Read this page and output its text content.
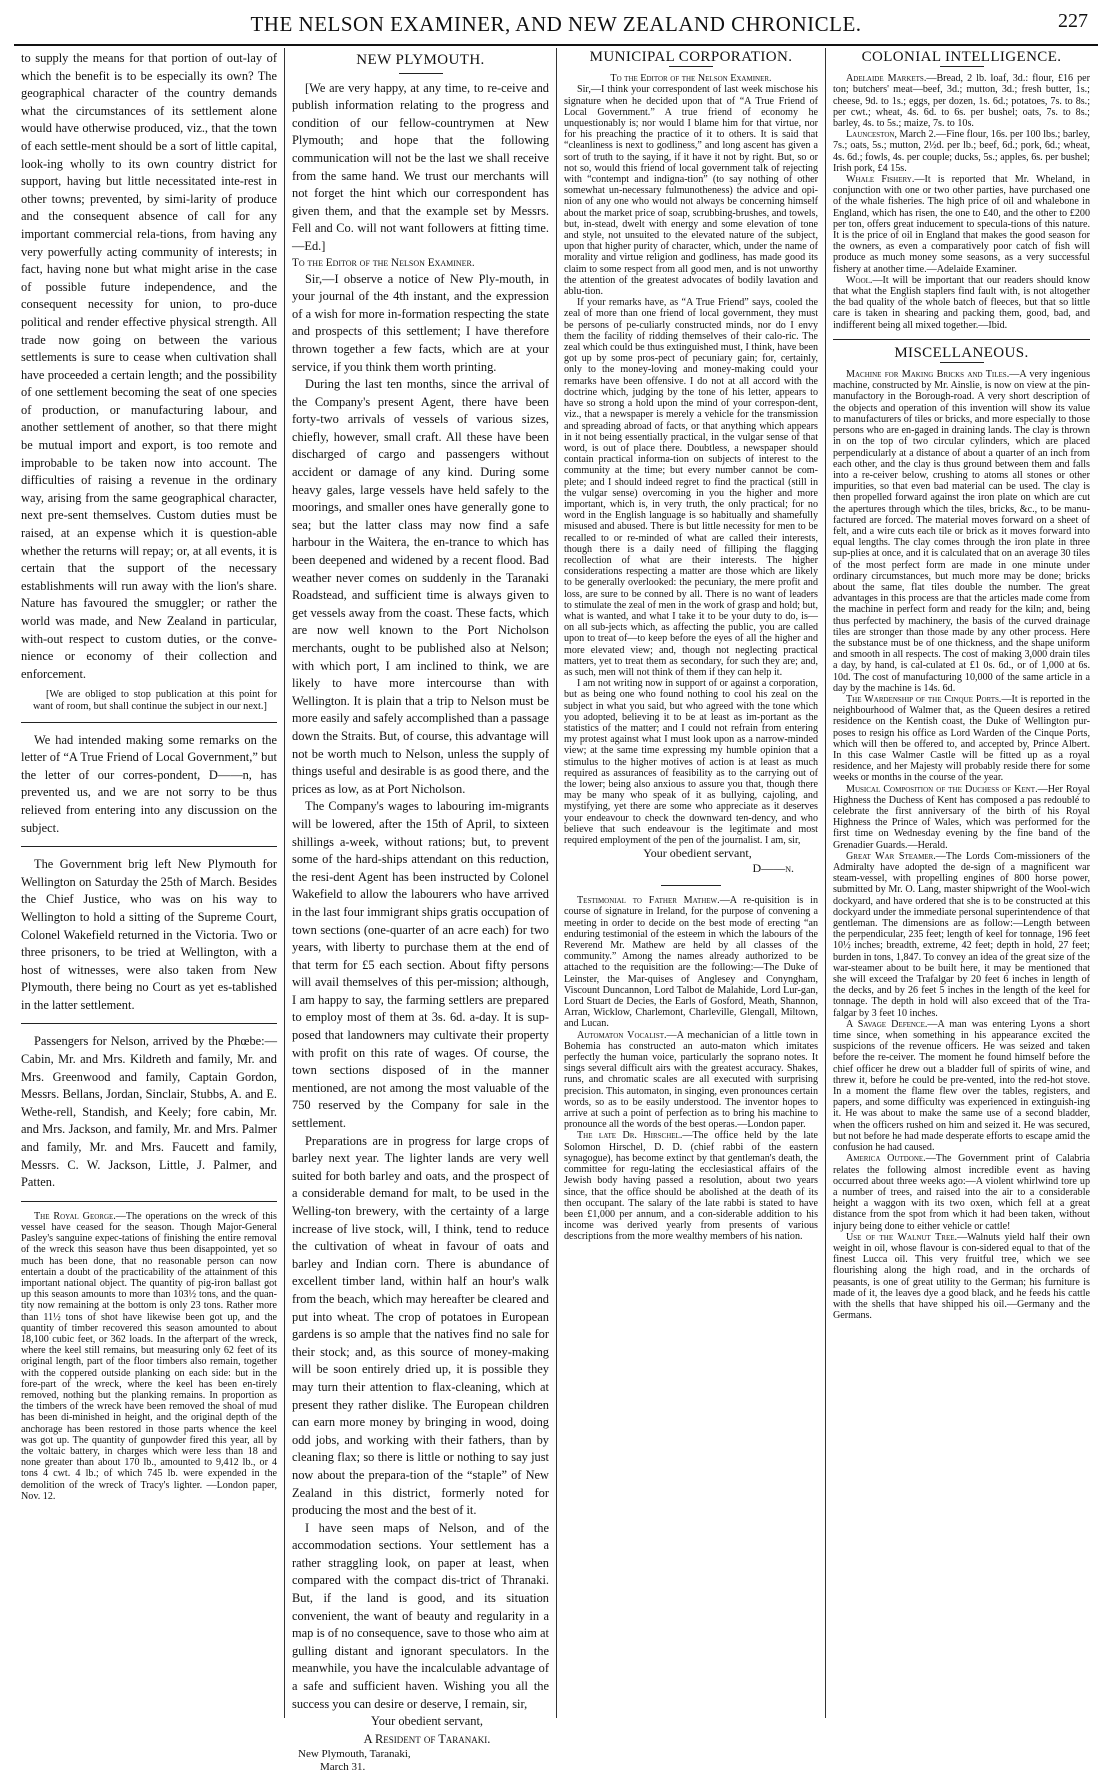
THE NELSON EXAMINER, AND NEW ZEALAND CHRONICLE.	227

to supply the means for that portion of out-lay of which the benefit is to be especially its own? The geographical character of the country demands what the circumstances of its settlement alone would have otherwise produced, viz., that the town of each settle-ment should be a sort of little capital, look-ing wholly to its own country district for support, having but little necessitated inte-rest in other towns; prevented, by simi-larity of produce and the consequent absence of call for any important commercial rela-tions, from having any very powerfully acting community of interests; in fact, having none but what might arise in the case of possible future independence, and the consequent necessity for union, to pro-duce political and render effective physical strength. All trade now going on between the various settlements is sure to cease when cultivation shall have proceeded a certain length; and the possibility of one settlement becoming the seat of one species of production, or manufacturing labour, and another settlement of another, so that there might be mutual import and export, is too remote and improbable to be taken now into account. The difficulties of raising a revenue in the ordinary way, arising from the same geographical character, next pre-sent themselves. Custom duties must be raised, at an expense which it is question-able whether the returns will repay; or, at all events, it is certain that the support of the necessary establishments will run away with the lion's share. Nature has favoured the smuggler; or rather the world was made, and New Zealand in particular, with-out respect to custom duties, or the conve-nience or economy of their collection and enforcement.

[We are obliged to stop publication at this point for want of room, but shall continue the subject in our next.]

We had intended making some remarks on the letter of “A True Friend of Local Government,” but the letter of our corres-pondent, D——n, has prevented us, and we are not sorry to be thus relieved from entering into any discussion on the subject.

The Government brig left New Plymouth for Wellington on Saturday the 25th of March. Besides the Chief Justice, who was on his way to Wellington to hold a sitting of the Supreme Court, Colonel Wakefield returned in the Victoria. Two or three prisoners, to be tried at Wellington, with a host of witnesses, were also taken from New Plymouth, there being no Court as yet es-tablished in the latter settlement.

Passengers for Nelson, arrived by the Phœbe:—Cabin, Mr. and Mrs. Kildreth and family, Mr. and Mrs. Greenwood and family, Captain Gordon, Messrs. Bellans, Jordan, Sinclair, Stubbs, A. and E. Wethe-rell, Standish, and Keely; fore cabin, Mr. and Mrs. Jackson, and family, Mr. and Mrs. Palmer and family, Mr. and Mrs. Faucett and family, Messrs. C. W. Jackson, Little, J. Palmer, and Patten.

The Royal George.—The operations on the wreck of this vessel have ceased for the season. Though Major-General Pasley's sanguine expec-tations of finishing the entire removal of the wreck this season have thus been disappointed, yet so much has been done, that no reasonable person can now entertain a doubt of the practicability of the attainment of this important national object. The quantity of pig-iron ballast got up this season amounts to more than 103½ tons, and the quan-tity now remaining at the bottom is only 23 tons. Rather more than 11½ tons of shot have likewise been got up, and the quantity of timber recovered this season amounted to about 18,100 cubic feet, or 362 loads. In the afterpart of the wreck, where the keel still remains, but measuring only 62 feet of its original length, part of the floor timbers also remain, together with the coppered outside planking on each side: but in the fore-part of the wreck, where the keel has been en-tirely removed, nothing but the planking remains. In proportion as the timbers of the wreck have been removed the shoal of mud has been di-minished in height, and the original depth of the anchorage has been restored in those parts whence the keel was got up. The quantity of gunpowder fired this year, all by the voltaic battery, in charges which were less than 18 and none greater than about 170 lb., amounted to 9,412 lb., or 4 tons 4 cwt. 4 lb.; of which 745 lb. were expended in the demolition of the wreck of Tracy's lighter. —London paper, Nov. 12.

NEW PLYMOUTH.

[We are very happy, at any time, to re-ceive and publish information relating to the progress and condition of our fellow-countrymen at New Plymouth; and hope that the following communication will not be the last we shall receive from the same hand. We trust our merchants will not forget the hint which our correspondent has given them, and that the example set by Messrs. Fell and Co. will not want followers at fitting time.—Ed.]

To the Editor of the Nelson Examiner.

Sir,—I observe a notice of New Ply-mouth, in your journal of the 4th instant, and the expression of a wish for more in-formation respecting the state and prospects of this settlement; I have therefore thrown together a few facts, which are at your service, if you think them worth printing.

During the last ten months, since the arrival of the Company's present Agent, there have been forty-two arrivals of vessels of various sizes, chiefly, however, small craft. All these have been discharged of cargo and passengers without accident or damage of any kind. During some heavy gales, large vessels have held safely to the moorings, and smaller ones have generally gone to sea; but the latter class may now find a safe harbour in the Waitera, the en-trance to which has been deepened and widened by a recent flood. Bad weather never comes on suddenly in the Taranaki Roadstead, and sufficient time is always given to get vessels away from the coast. These facts, which are now well known to the Port Nicholson merchants, ought to be published also at Nelson; with which port, I am inclined to think, we are likely to have more intercourse than with Wellington. It is plain that a trip to Nelson must be more easily and safely accomplished than a passage down the Straits. But, of course, this advantage will not be worth much to Nelson, unless the supply of things useful and desirable is as good there, and the prices as low, as at Port Nicholson.

The Company's wages to labouring im-migrants will be lowered, after the 15th of April, to sixteen shillings a-week, without rations; but, to prevent some of the hard-ships attendant on this reduction, the resi-dent Agent has been instructed by Colonel Wakefield to allow the labourers who have arrived in the last four immigrant ships gratis occupation of town sections (one-quarter of an acre each) for two years, with liberty to purchase them at the end of that term for £5 each section. About fifty persons will avail themselves of this per-mission; although, I am happy to say, the farming settlers are prepared to employ most of them at 3s. 6d. a-day. It is sup-posed that landowners may cultivate their property with profit on this rate of wages. Of course, the town sections disposed of in the manner mentioned, are not among the most valuable of the 750 reserved by the Company for sale in the settlement.

Preparations are in progress for large crops of barley next year. The lighter lands are very well suited for both barley and oats, and the prospect of a considerable demand for malt, to be used in the Welling-ton brewery, with the certainty of a large increase of live stock, will, I think, tend to reduce the cultivation of wheat in favour of oats and barley and Indian corn. There is abundance of excellent timber land, within half an hour's walk from the beach, which may hereafter be cleared and put into wheat. The crop of potatoes in European gardens is so ample that the natives find no sale for their stock; and, as this source of money-making will be soon entirely dried up, it is possible they may turn their attention to flax-cleaning, which at present they rather dislike. The European children can earn more money by bringing in wood, doing odd jobs, and working with their fathers, than by cleaning flax; so there is little or nothing to say just now about the prepara-tion of the “staple” of New Zealand in this district, formerly noted for producing the most and the best of it.

I have seen maps of Nelson, and of the accommodation sections. Your settlement has a rather straggling look, on paper at least, when compared with the compact dis-trict of Thranaki. But, if the land is good, and its situation convenient, the want of beauty and regularity in a map is of no consequence, save to those who aim at gulling distant and ignorant speculators. In the meanwhile, you have the incalculable advantage of a safe and sufficient haven. Wishing you all the success you can desire or deserve, I remain, sir,

Your obedient servant,

A Resident of Taranaki.

New Plymouth, Taranaki,

March 31.

MUNICIPAL CORPORATION.

To the Editor of the Nelson Examiner.

Sir,—I think your correspondent of last week mischose his signature when he decided upon that of “A True Friend of Local Government.” A true friend of economy he unquestionably is; nor would I blame him for that virtue, nor for his preaching the practice of it to others. It is said that “cleanliness is next to godliness,” and long ascent has given a sort of truth to the saying, if it have it not by right. But, so or not so, would this friend of local government talk of rejecting with “contempt and indigna-tion” (to say nothing of other somewhat un-necessary fulmunotheness) the advice and opi-nion of any one who would not always be concerning himself about the market price of soap, scrubbing-brushes, and towels, but, in-stead, dwelt with energy and some elevation of tone and style, not unsuited to the elevated nature of the subject, upon that higher purity of character, which, under the name of morality and virtue religion and godliness, has made good its claim to some respect from all good men, and is not unworthy the attention of the greatest advocates of bodily lavation and ablu-tion.

If your remarks have, as “A True Friend” says, cooled the zeal of more than one friend of local government, they must be persons of pe-culiarly constructed minds, nor do I envy them the facility of ridding themselves of their calo-ric. The zeal which could be thus extinguished must, I think, have been got up by some pros-pect of pecuniary gain; for, certainly, only to the money-loving and money-making could your remarks have been offensive. I do not at all accord with the doctrine which, judging by the tone of his letter, appears to have so strong a hold upon the mind of your correspon-dent, viz., that a newspaper is merely a vehicle for the transmission and spreading abroad of facts, or that anything which appears in it not being essentially practical, in the vulgar sense of that word, is out of place there. Doubtless, a newspaper should contain practical informa-tion on subjects of interest to the community at the time; but every number cannot be com-plete; and I should indeed regret to find the practical (still in the vulgar sense) overcoming in you the higher and more important, which is, in very truth, the only practical; for no word in the English language is so habitually and shamefully misused and abused. There is but little necessity for men to be recalled to or re-minded of what are called their interests, though there is a daily need of filliping the flagging recollection of what are their interests. The higher considerations respecting a matter are those which are likely to be generally overlooked: the pecuniary, the mere profit and loss, are sure to be conned by all. There is no want of leaders to stimulate the zeal of men in the work of grasp and hold; but, what is wanted, and what I take it to be your duty to do, is—on all sub-jects which, as affecting the public, you are called upon to treat of—to keep before the eyes of all the higher and more elevated view; and, though not neglecting practical matters, yet to treat them as secondary, for such they are; and, as such, men will not think of them if they can help it.

I am not writing now in support of or against a corporation, but as being one who found nothing to cool his zeal on the subject in what you said, but who agreed with the tone which you adopted, believing it to be at least as im-portant as the statistics of the matter; and I could not refrain from entering my protest against what I must look upon as a narrow-minded view; at the same time expressing my humble opinion that a stimulus to the higher motives of action is at least as much required as assurances of feasibility as to the carrying out of the lower; being also anxious to assure you that, though there may be many who speak of it as bullying, cajoling, and mystifying, yet there are some who appreciate as it deserves your endeavour to check the downward ten-dency, and who believe that such endeavour is the legitimate and most required employment of the pen of the journalist. I am, sir,

Your obedient servant,

D——n.

Testimonial to Father Mathew.—A re-quisition is in course of signature in Ireland, for the purpose of convening a meeting in order to decide on the best mode of erecting “an enduring testimonial of the esteem in which the labours of the Reverend Mr. Mathew are held by all classes of the community.” Among the names already authorized to be attached to the requisition are the following:—The Duke of Leinster, the Mar-quises of Anglesey and Conyngham, Viscount Duncannon, Lord Talbot de Malahide, Lord Lur-gan, Lord Stuart de Decies, the Earls of Gosford, Meath, Shannon, Arran, Wicklow, Charlemont, Charleville, Glengall, Miltown, and Lucan.

Automaton Vocalist.—A mechanician of a little town in Bohemia has constructed an auto-maton which imitates perfectly the human voice, particularly the soprano notes. It sings several difficult airs with the greatest accuracy. Shakes, runs, and chromatic scales are all executed with surprising precision. This automaton, in singing, even pronounces certain words, so as to be easily understood. The inventor hopes to arrive at such a point of perfection as to bring his machine to pronounce all the words of the best operas.—London paper.

The late Dr. Hirschel.—The office held by the late Solomon Hirschel, D. D. (chief rabbi of the eastern synagogue), has become extinct by that gentleman's death, the committee for regu-lating the ecclesiastical affairs of the Jewish body having passed a resolution, about two years since, that the office should be abolished at the death of its then occupant. The salary of the late rabbi is stated to have been £1,000 per annum, and a con-siderable addition to his income was derived yearly from presents of various descriptions from the more wealthy members of his nation.

COLONIAL INTELLIGENCE.

Adelaide Markets.—Bread, 2 lb. loaf, 3d.: flour, £16 per ton; butchers' meat—beef, 3d.; mutton, 3d.; fresh butter, 1s.; cheese, 9d. to 1s.; eggs, per dozen, 1s. 6d.; potatoes, 7s. to 8s.; per cwt.; wheat, 4s. 6d. to 6s. per bushel; oats, 7s. to 8s.; barley, 4s. to 5s.; maize, 7s. to 10s.

Launceston, March 2.—Fine flour, 16s. per 100 lbs.; barley, 7s.; oats, 5s.; mutton, 2½d. per lb.; beef, 6d.; pork, 6d.; wheat, 4s. 6d.; fowls, 4s. per couple; ducks, 5s.; apples, 6s. per bushel; Irish pork, £4 15s.

Whale Fishery.—It is reported that Mr. Wheland, in conjunction with one or two other parties, have purchased one of the whale fisheries. The high price of oil and whalebone in England, which has risen, the one to £40, and the other to £200 per ton, offers great inducement to specula-tions of this nature. It is the price of oil in England that makes the good season for the owners, as even a comparatively poor catch of fish will produce as much money some seasons, as a very successful fishery at another time.—Adelaide Examiner.

Wool.—It will be important that our readers should know that what the English staplers find fault with, is not altogether the bad quality of the whole batch of fleeces, but that so little care is taken in shearing and packing them, good, bad, and indifferent being all mixed together.—Ibid.

MISCELLANEOUS.

Machine for Making Bricks and Tiles.—A very ingenious machine, constructed by Mr. Ainslie, is now on view at the pin-manufactory in the Borough-road. A very short description of the objects and operation of this invention will show its value to manufacturers of tiles or bricks, and more especially to those persons who are en-gaged in draining lands. The clay is thrown in on the top of two circular cylinders, which are placed perpendicularly at a distance of about a quarter of an inch from each other, and the clay is thus ground between them and falls into a re-ceiver below, crushing to atoms all stones or other impurities, so that even bad material can be used. The clay is then propelled forward against the iron plate on which are cut the apertures through which the tiles, bricks, &c., to be manu-factured are forced. The material moves forward on a sheet of felt, and a wire cuts each tile or brick as it moves forward into equal lengths. The clay comes through the iron plate in three sup-plies at once, and it is calculated that on an average 30 tiles of the most perfect form are made in one minute under ordinary circumstances, but much more may be done; bricks about the same, flat tiles double the number. The great advantages in this process are that the articles made come from the machine in perfect form and ready for the kiln; and, being thus perfected by machinery, the basis of the curved drainage tiles are stronger than those made by any other process. Here the substance must be of one thickness, and the shape uniform and smooth in all respects. The cost of making 3,000 drain tiles a day, by hand, is cal-culated at £1 0s. 6d., or of 1,000 at 6s. 10d. The cost of manufacturing 10,000 of the same article in a day by the machine is 14s. 6d.

The Wardenship of the Cinque Ports.—It is reported in the neighbourhood of Walmer that, as the Queen desires a retired residence on the Kentish coast, the Duke of Wellington pur-poses to resign his office as Lord Warden of the Cinque Ports, which will then be offered to, and accepted by, Prince Albert. In this case Walmer Castle will be fitted up as a royal residence, and her Majesty will probably reside there for some weeks or months in the course of the year.

Musical Composition of the Duchess of Kent.—Her Royal Highness the Duchess of Kent has composed a pas redoublé to celebrate the first anniversary of the birth of his Royal Highness the Prince of Wales, which was performed for the first time on Wednesday evening by the fine band of the Grenadier Guards.—Herald.

Great War Steamer.—The Lords Com-missioners of the Admiralty have adopted the de-sign of a magnificent war steam-vessel, with propelling engines of 800 horse power, submitted by Mr. O. Lang, master shipwright of the Wool-wich dockyard, and have ordered that she is to be constructed at this dockyard under the immediate personal superintendence of that gentleman. The dimensions are as follow:—Length between the perpendicular, 235 feet; length of keel for tonnage, 196 feet 10½ inches; breadth, extreme, 42 feet; depth in hold, 27 feet; burden in tons, 1,847. To convey an idea of the great size of the war-steamer about to be built here, it may be mentioned that she will exceed the Trafalgar by 20 feet 6 inches in length of the decks, and by 26 feet 5 inches in the length of the keel for tonnage. The depth in hold will also exceed that of the Tra-falgar by 3 feet 10 inches.

A Savage Defence.—A man was entering Lyons a short time since, when something in his appearance excited the suspicions of the revenue officers. He was seized and taken before the re-ceiver. The moment he found himself before the chief officer he drew out a bladder full of spirits of wine, and threw it, before he could be pre-vented, into the red-hot stove. In a moment the flame flew over the tables, registers, and papers, and some difficulty was experienced in extinguish-ing it. He was about to make the same use of a second bladder, when the officers rushed on him and seized it. He was secured, but not before he had made desperate efforts to escape amid the confusion he had caused.

America Outdone.—The Government print of Calabria relates the following almost incredible event as having occurred about three weeks ago:—A violent whirlwind tore up a number of trees, and raised into the air to a considerable height a waggon with its two oxen, which fell at a great distance from the spot from which it had been taken, without injury being done to either vehicle or cattle!

Use of the Walnut Tree.—Walnuts yield half their own weight in oil, whose flavour is con-sidered equal to that of the finest Lucca oil. This very fruitful tree, which we see flourishing along the high road, and in the orchards of peasants, is one of great utility to the German; his furniture is made of it, the leaves dye a good black, and he feeds his cattle with the shells that have shipped his oil.—Germany and the Germans.
